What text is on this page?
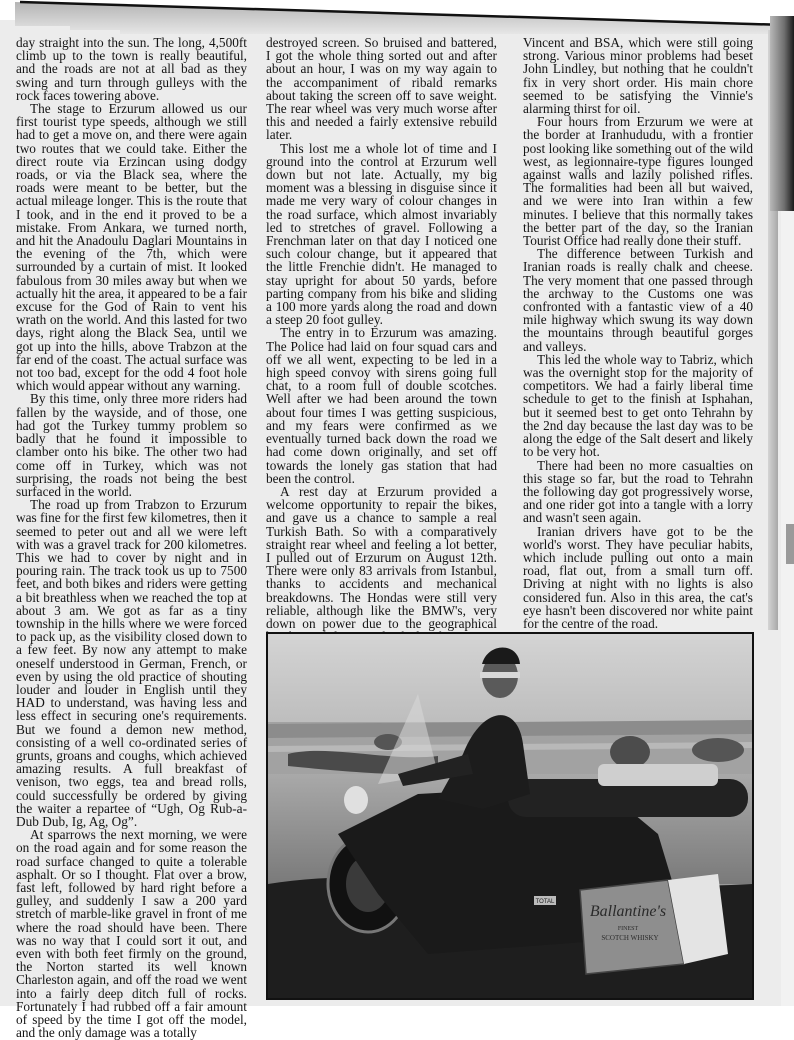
day straight into the sun. The long, 4,500ft climb up to the town is really beautiful, and the roads are not at all bad as they swing and turn through gulleys with the rock faces towering above.

The stage to Erzurum allowed us our first tourist type speeds, although we still had to get a move on, and there were again two routes that we could take. Either the direct route via Erzincan using dodgy roads, or via the Black sea, where the roads were meant to be better, but the actual mileage longer. This is the route that I took, and in the end it proved to be a mistake. From Ankara, we turned north, and hit the Anadoulu Daglari Mountains in the evening of the 7th, which were surrounded by a curtain of mist. It looked fabulous from 30 miles away but when we actually hit the area, it appeared to be a fair excuse for the God of Rain to vent his wrath on the world. And this lasted for two days, right along the Black Sea, until we got up into the hills, above Trabzon at the far end of the coast. The actual surface was not too bad, except for the odd 4 foot hole which would appear without any warning.

By this time, only three more riders had fallen by the wayside, and of those, one had got the Turkey tummy problem so badly that he found it impossible to clamber onto his bike. The other two had come off in Turkey, which was not surprising, the roads not being the best surfaced in the world.

The road up from Trabzon to Erzurum was fine for the first few kilometres, then it seemed to peter out and all we were left with was a gravel track for 200 kilometres. This we had to cover by night and in pouring rain. The track took us up to 7500 feet, and both bikes and riders were getting a bit breathless when we reached the top at about 3 am. We got as far as a tiny township in the hills where we were forced to pack up, as the visibility closed down to a few feet. By now any attempt to make oneself understood in German, French, or even by using the old practice of shouting louder and louder in English until they HAD to understand, was having less and less effect in securing one's requirements. But we found a demon new method, consisting of a well co-ordinated series of grunts, groans and coughs, which achieved amazing results. A full breakfast of venison, two eggs, tea and bread rolls, could successfully be ordered by giving the waiter a repartee of “Ugh, Og Rub-a-Dub Dub, Ig, Ag, Og”.

At sparrows the next morning, we were on the road again and for some reason the road surface changed to quite a tolerable asphalt. Or so I thought. Flat over a brow, fast left, followed by hard right before a gulley, and suddenly I saw a 200 yard stretch of marble-like gravel in front of me where the road should have been. There was no way that I could sort it out, and even with both feet firmly on the ground, the Norton started its well known Charleston again, and off the road we went into a fairly deep ditch full of rocks. Fortunately I had rubbed off a fair amount of speed by the time I got off the model, and the only damage was a totally

destroyed screen. So bruised and battered, I got the whole thing sorted out and after about an hour, I was on my way again to the accompaniment of ribald remarks about taking the screen off to save weight. The rear wheel was very much worse after this and needed a fairly extensive rebuild later.

This lost me a whole lot of time and I ground into the control at Erzurum well down but not late. Actually, my big moment was a blessing in disguise since it made me very wary of colour changes in the road surface, which almost invariably led to stretches of gravel. Following a Frenchman later on that day I noticed one such colour change, but it appeared that the little Frenchie didn't. He managed to stay upright for about 50 yards, before parting company from his bike and sliding a 100 more yards along the road and down a steep 20 foot gulley.

The entry in to Erzurum was amazing. The Police had laid on four squad cars and off we all went, expecting to be led in a high speed convoy with sirens going full chat, to a room full of double scotches. Well after we had been around the town about four times I was getting suspicious, and my fears were confirmed as we eventually turned back down the road we had come down originally, and set off towards the lonely gas station that had been the control.

A rest day at Erzurum provided a welcome opportunity to repair the bikes, and gave us a chance to sample a real Turkish Bath. So with a comparatively straight rear wheel and feeling a lot better, I pulled out of Erzurum on August 12th. There were only 83 arrivals from Istanbul, thanks to accidents and mechanical breakdowns. The Hondas were still very reliable, although like the BMW's, very down on power due to the geographical

Vincent and BSA, which were still going strong. Various minor problems had beset John Lindley, but nothing that he couldn't fix in very short order. His main chore seemed to be satisfying the Vinnie's alarming thirst for oil.

Four hours from Erzurum we were at the border at Iranhududu, with a frontier post looking like something out of the wild west, as legionnaire-type figures lounged against walls and lazily polished rifles. The formalities had been all but waived, and we were into Iran within a few minutes. I believe that this normally takes the better part of the day, so the Iranian Tourist Office had really done their stuff.

The difference between Turkish and Iranian roads is really chalk and cheese. The very moment that one passed through the archway to the Customs one was confronted with a fantastic view of a 40 mile highway which swung its way down the mountains through beautiful gorges and valleys.

This led the whole way to Tabriz, which was the overnight stop for the majority of competitors. We had a fairly liberal time schedule to get to the finish at Isphahan, but it seemed best to get onto Tehrahn by the 2nd day because the last day was to be along the edge of the Salt desert and likely to be very hot.

There had been no more casualties on this stage so far, but the road to Tehrahn the following day got progressively worse, and one rider got into a tangle with a lorry and wasn't seen again.

Iranian drivers have got to be the world's worst. They have peculiar habits, which include pulling out onto a main road, flat out, from a small turn off. Driving at night with no lights is also considered fun. Also in this area, the cat's eye hasn't been discovered nor white paint for the centre of the road.

Ballantine's
FINEST
SCOTCH WHISKY
TOTAL
